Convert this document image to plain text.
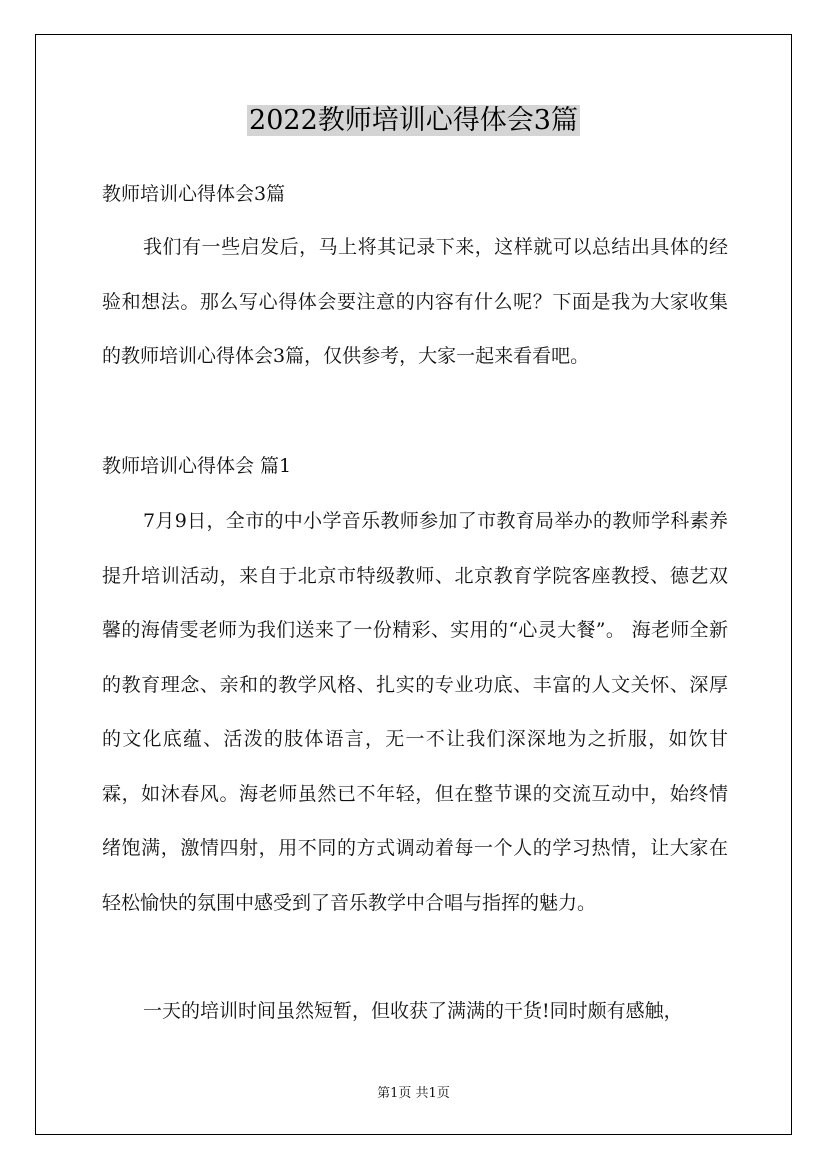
2022教师培训心得体会3篇
教师培训心得体会3篇

我们有一些启发后，马上将其记录下来，这样就可以总结出具体的经验和想法。那么写心得体会要注意的内容有什么呢？下面是我为大家收集的教师培训心得体会3篇，仅供参考，大家一起来看看吧。

教师培训心得体会 篇1

7月9日，全市的中小学音乐教师参加了市教育局举办的教师学科素养提升培训活动，来自于北京市特级教师、北京教育学院客座教授、德艺双馨的海倩雯老师为我们送来了一份精彩、实用的“心灵大餐”。 海老师全新的教育理念、亲和的教学风格、扎实的专业功底、丰富的人文关怀、深厚的文化底蕴、活泼的肢体语言，无一不让我们深深地为之折服，如饮甘霖，如沐春风。海老师虽然已不年轻，但在整节课的交流互动中，始终情绪饱满，激情四射，用不同的方式调动着每一个人的学习热情，让大家在轻松愉快的氛围中感受到了音乐教学中合唱与指挥的魅力。

一天的培训时间虽然短暂，但收获了满满的干货!同时颇有感触，

第1页 共1页
